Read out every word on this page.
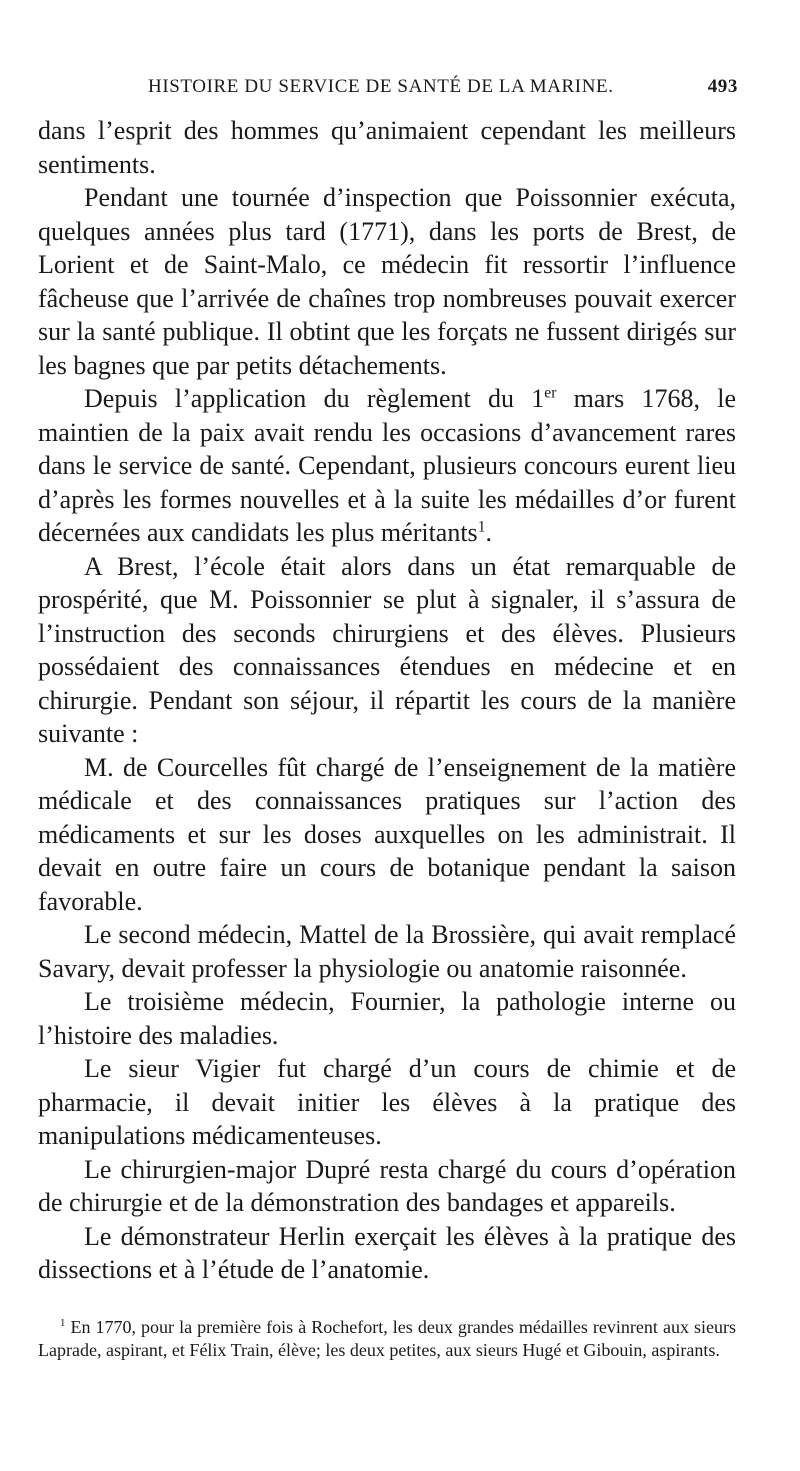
HISTOIRE DU SERVICE DE SANTÉ DE LA MARINE.	493

dans l’esprit des hommes qu’animaient cependant les meilleurs sentiments.

Pendant une tournée d’inspection que Poissonnier exécuta, quelques années plus tard (1771), dans les ports de Brest, de Lorient et de Saint-Malo, ce médecin fit ressortir l’influence fâcheuse que l’arrivée de chaînes trop nombreuses pouvait exercer sur la santé publique. Il obtint que les forçats ne fussent dirigés sur les bagnes que par petits détachements.

Depuis l’application du règlement du 1er mars 1768, le maintien de la paix avait rendu les occasions d’avancement rares dans le service de santé. Cependant, plusieurs concours eurent lieu d’après les formes nouvelles et à la suite les médailles d’or furent décernées aux candidats les plus méritants$^1$.

A Brest, l’école était alors dans un état remarquable de prospérité, que M. Poissonnier se plut à signaler, il s’assura de l’instruction des seconds chirurgiens et des élèves. Plusieurs possédaient des connaissances étendues en médecine et en chirurgie. Pendant son séjour, il répartit les cours de la manière suivante :

M. de Courcelles fût chargé de l’enseignement de la matière médicale et des connaissances pratiques sur l’action des médicaments et sur les doses auxquelles on les administrait. Il devait en outre faire un cours de botanique pendant la saison favorable.

Le second médecin, Mattel de la Brossière, qui avait remplacé Savary, devait professer la physiologie ou anatomie raisonnée.

Le troisième médecin, Fournier, la pathologie interne ou l’histoire des maladies.

Le sieur Vigier fut chargé d’un cours de chimie et de pharmacie, il devait initier les élèves à la pratique des manipulations médicamenteuses.

Le chirurgien-major Dupré resta chargé du cours d’opération de chirurgie et de la démonstration des bandages et appareils.

Le démonstrateur Herlin exerçait les élèves à la pratique des dissections et à l’étude de l’anatomie.

$^1$ En 1770, pour la première fois à Rochefort, les deux grandes médailles revinrent aux sieurs Laprade, aspirant, et Félix Train, élève; les deux petites, aux sieurs Hugé et Gibouin, aspirants.
